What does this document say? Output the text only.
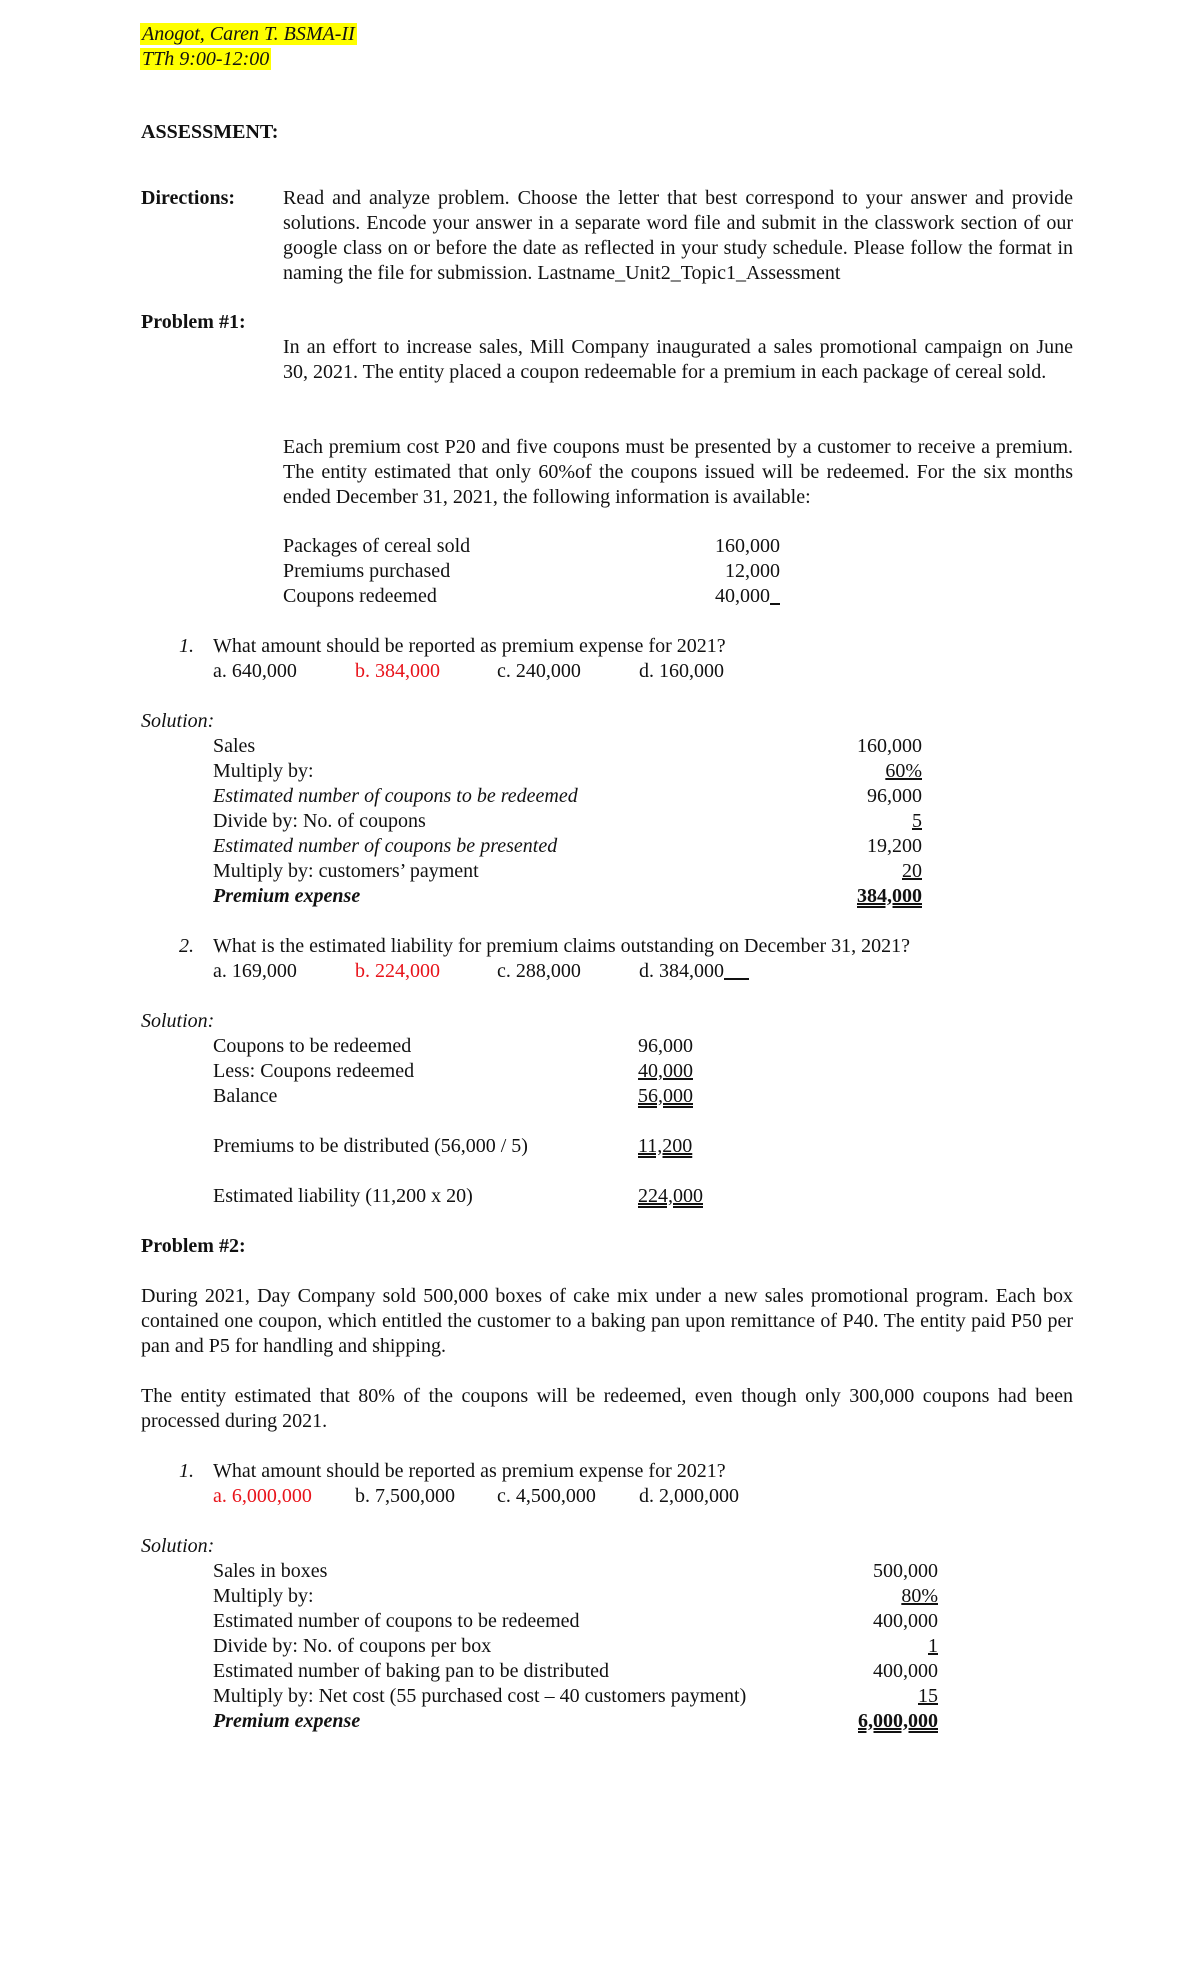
Anogot, Caren T. BSMA-II
TTh 9:00-12:00
ASSESSMENT:
Directions: Read and analyze problem. Choose the letter that best correspond to your answer and provide solutions. Encode your answer in a separate word file and submit in the classwork section of our google class on or before the date as reflected in your study schedule. Please follow the format in naming the file for submission. Lastname_Unit2_Topic1_Assessment
Problem #1:
In an effort to increase sales, Mill Company inaugurated a sales promotional campaign on June 30, 2021. The entity placed a coupon redeemable for a premium in each package of cereal sold.
Each premium cost P20 and five coupons must be presented by a customer to receive a premium. The entity estimated that only 60%of the coupons issued will be redeemed. For the six months ended December 31, 2021, the following information is available:
Packages of cereal sold	160,000
Premiums purchased	12,000
Coupons redeemed	40,000
1. What amount should be reported as premium expense for 2021?
a. 640,000	b. 384,000	c. 240,000	d. 160,000
Solution:
Sales	160,000
Multiply by:	60%
Estimated number of coupons to be redeemed	96,000
Divide by: No. of coupons	5
Estimated number of coupons be presented	19,200
Multiply by: customers’ payment	20
Premium expense	384,000
2. What is the estimated liability for premium claims outstanding on December 31, 2021?
a. 169,000	b. 224,000	c. 288,000	d. 384,000
Solution:
Coupons to be redeemed	96,000
Less: Coupons redeemed	40,000
Balance	56,000
Premiums to be distributed (56,000 / 5)	11,200
Estimated liability (11,200 x 20)	224,000
Problem #2:
During 2021, Day Company sold 500,000 boxes of cake mix under a new sales promotional program. Each box contained one coupon, which entitled the customer to a baking pan upon remittance of P40. The entity paid P50 per pan and P5 for handling and shipping.
The entity estimated that 80% of the coupons will be redeemed, even though only 300,000 coupons had been processed during 2021.
1. What amount should be reported as premium expense for 2021?
a. 6,000,000 b. 7,500,000 c. 4,500,000 d. 2,000,000
Solution:
Sales in boxes	500,000
Multiply by:	80%
Estimated number of coupons to be redeemed	400,000
Divide by: No. of coupons per box	1
Estimated number of baking pan to be distributed	400,000
Multiply by: Net cost (55 purchased cost – 40 customers payment)	15
Premium expense	6,000,000
